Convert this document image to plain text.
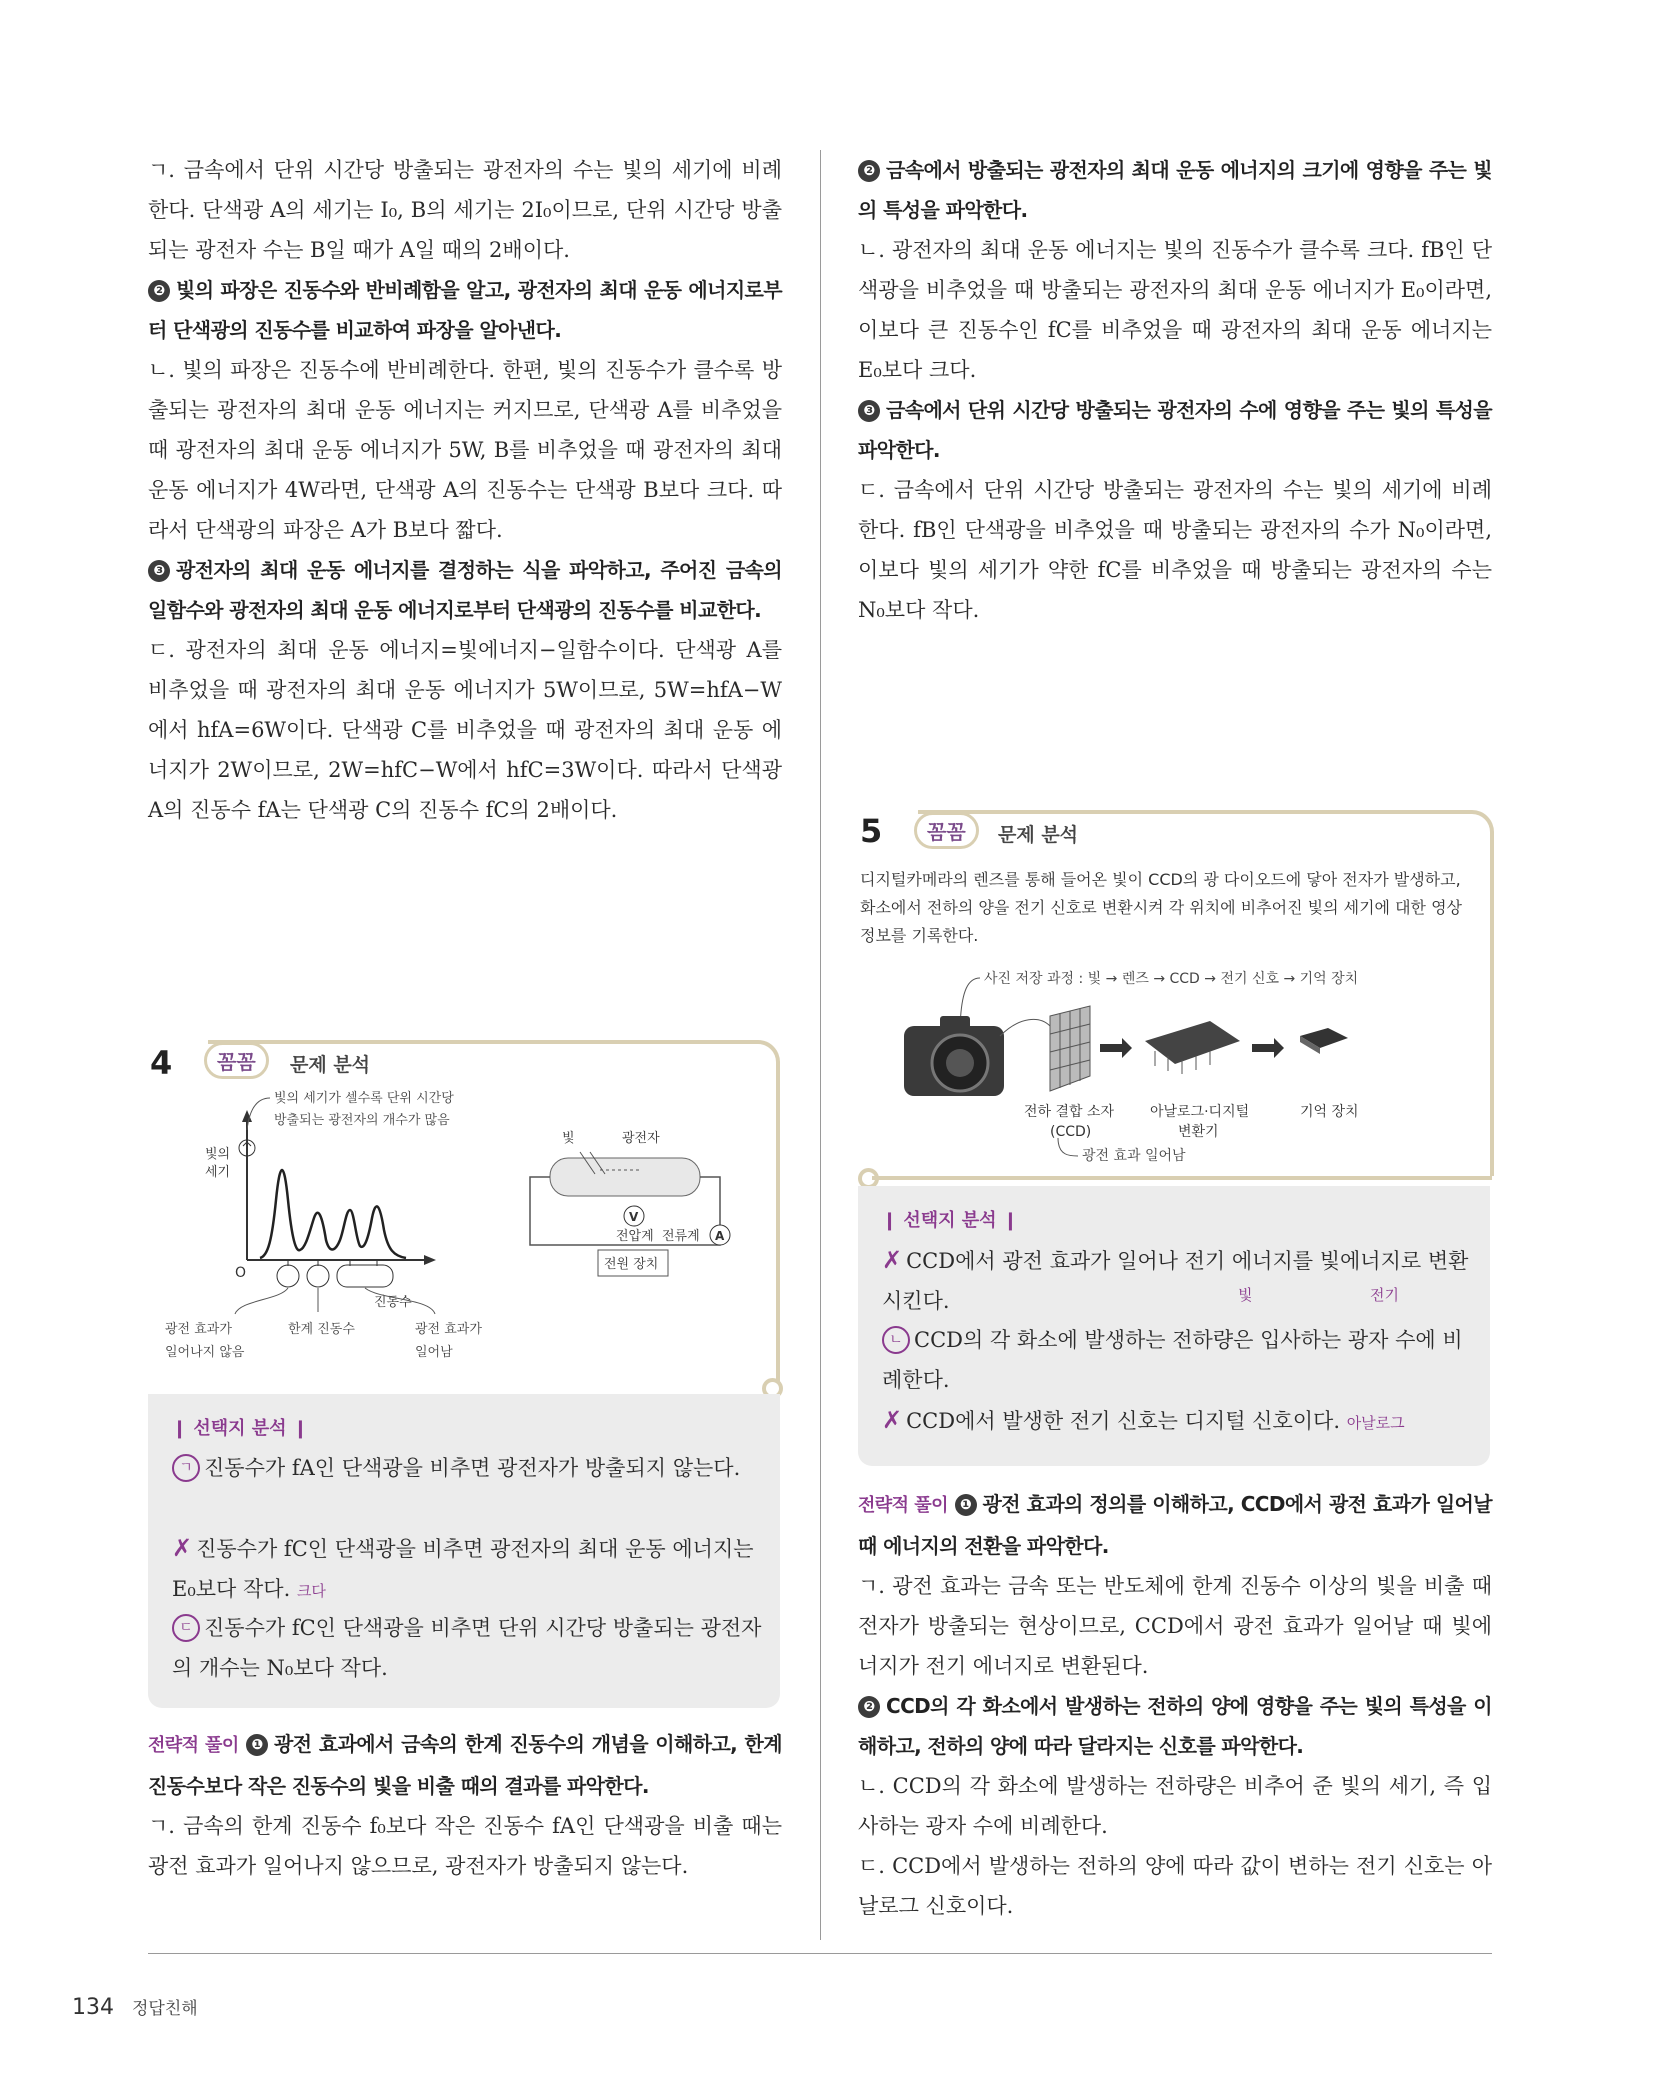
ㄱ. 금속에서 단위 시간당 방출되는 광전자의 수는 빛의 세기에 비례한다. 단색광 A의 세기는 I₀, B의 세기는 2I₀이므로, 단위 시간당 방출되는 광전자 수는 B일 때가 A일 때의 2배이다.

❷ 빛의 파장은 진동수와 반비례함을 알고, 광전자의 최대 운동 에너지로부터 단색광의 진동수를 비교하여 파장을 알아낸다.

ㄴ. 빛의 파장은 진동수에 반비례한다. 한편, 빛의 진동수가 클수록 방출되는 광전자의 최대 운동 에너지는 커지므로, 단색광 A를 비추었을 때 광전자의 최대 운동 에너지가 5W, B를 비추었을 때 광전자의 최대 운동 에너지가 4W라면, 단색광 A의 진동수는 단색광 B보다 크다. 따라서 단색광의 파장은 A가 B보다 짧다.

❸ 광전자의 최대 운동 에너지를 결정하는 식을 파악하고, 주어진 금속의 일함수와 광전자의 최대 운동 에너지로부터 단색광의 진동수를 비교한다.

ㄷ. 광전자의 최대 운동 에너지=빛에너지−일함수이다. 단색광 A를 비추었을 때 광전자의 최대 운동 에너지가 5W이므로, 5W=hfA−W에서 hfA=6W이다. 단색광 C를 비추었을 때 광전자의 최대 운동 에너지가 2W이므로, 2W=hfC−W에서 hfC=3W이다. 따라서 단색광 A의 진동수 fA는 단색광 C의 진동수 fC의 2배이다.

4	꼼꼼	문제 분석
O
빛의
세기
진동수
빛의 세기가 셀수록 단위 시간당
방출되는 광전자의 개수가 많음
광전 효과가
일어나지 않음
한계 진동수	광전 효과가
일어남
빛	광전자
V
전압계	A
전류계
전원 장치
❙ 선택지 분석 ❙
ㄱ 진동수가 fA인 단색광을 비추면 광전자가 방출되지 않는다.
✗ 진동수가 fC인 단색광을 비추면 광전자의 최대 운동 에너지는 E₀보다 작다. 크다
ㄷ 진동수가 fC인 단색광을 비추면 단위 시간당 방출되는 광전자의 개수는 N₀보다 작다.

전략적 풀이 ❶ 광전 효과에서 금속의 한계 진동수의 개념을 이해하고, 한계 진동수보다 작은 진동수의 빛을 비출 때의 결과를 파악한다.

ㄱ. 금속의 한계 진동수 f₀보다 작은 진동수 fA인 단색광을 비출 때는 광전 효과가 일어나지 않으므로, 광전자가 방출되지 않는다.

❷ 금속에서 방출되는 광전자의 최대 운동 에너지의 크기에 영향을 주는 빛의 특성을 파악한다.

ㄴ. 광전자의 최대 운동 에너지는 빛의 진동수가 클수록 크다. fB인 단색광을 비추었을 때 방출되는 광전자의 최대 운동 에너지가 E₀이라면, 이보다 큰 진동수인 fC를 비추었을 때 광전자의 최대 운동 에너지는 E₀보다 크다.

❸ 금속에서 단위 시간당 방출되는 광전자의 수에 영향을 주는 빛의 특성을 파악한다.

ㄷ. 금속에서 단위 시간당 방출되는 광전자의 수는 빛의 세기에 비례한다. fB인 단색광을 비추었을 때 방출되는 광전자의 수가 N₀이라면, 이보다 빛의 세기가 약한 fC를 비추었을 때 방출되는 광전자의 수는 N₀보다 작다.

5	꼼꼼	문제 분석
디지털카메라의 렌즈를 통해 들어온 빛이 CCD의 광 다이오드에 닿아 전자가 발생하고, 화소에서 전하의 양을 전기 신호로 변환시켜 각 위치에 비추어진 빛의 세기에 대한 영상 정보를 기록한다.
사진 저장 과정 : 빛 → 렌즈 → CCD → 전기 신호 → 기억 장치
전하 결합 소자
(CCD)
아날로그·디지털
변환기
기억 장치
광전 효과 일어남
❙ 선택지 분석 ❙
✗ CCD에서 광전 효과가 일어나 전기 에너지를 빛에너지로 변환시킨다.	빛	전기
ㄴ CCD의 각 화소에 발생하는 전하량은 입사하는 광자 수에 비례한다.
✗ CCD에서 발생한 전기 신호는 디지털 신호이다. 아날로그

전략적 풀이 ❶ 광전 효과의 정의를 이해하고, CCD에서 광전 효과가 일어날 때 에너지의 전환을 파악한다.

ㄱ. 광전 효과는 금속 또는 반도체에 한계 진동수 이상의 빛을 비출 때 전자가 방출되는 현상이므로, CCD에서 광전 효과가 일어날 때 빛에너지가 전기 에너지로 변환된다.

❷ CCD의 각 화소에서 발생하는 전하의 양에 영향을 주는 빛의 특성을 이해하고, 전하의 양에 따라 달라지는 신호를 파악한다.

ㄴ. CCD의 각 화소에 발생하는 전하량은 비추어 준 빛의 세기, 즉 입사하는 광자 수에 비례한다.

ㄷ. CCD에서 발생하는 전하의 양에 따라 값이 변하는 전기 신호는 아날로그 신호이다.

134 정답친해
